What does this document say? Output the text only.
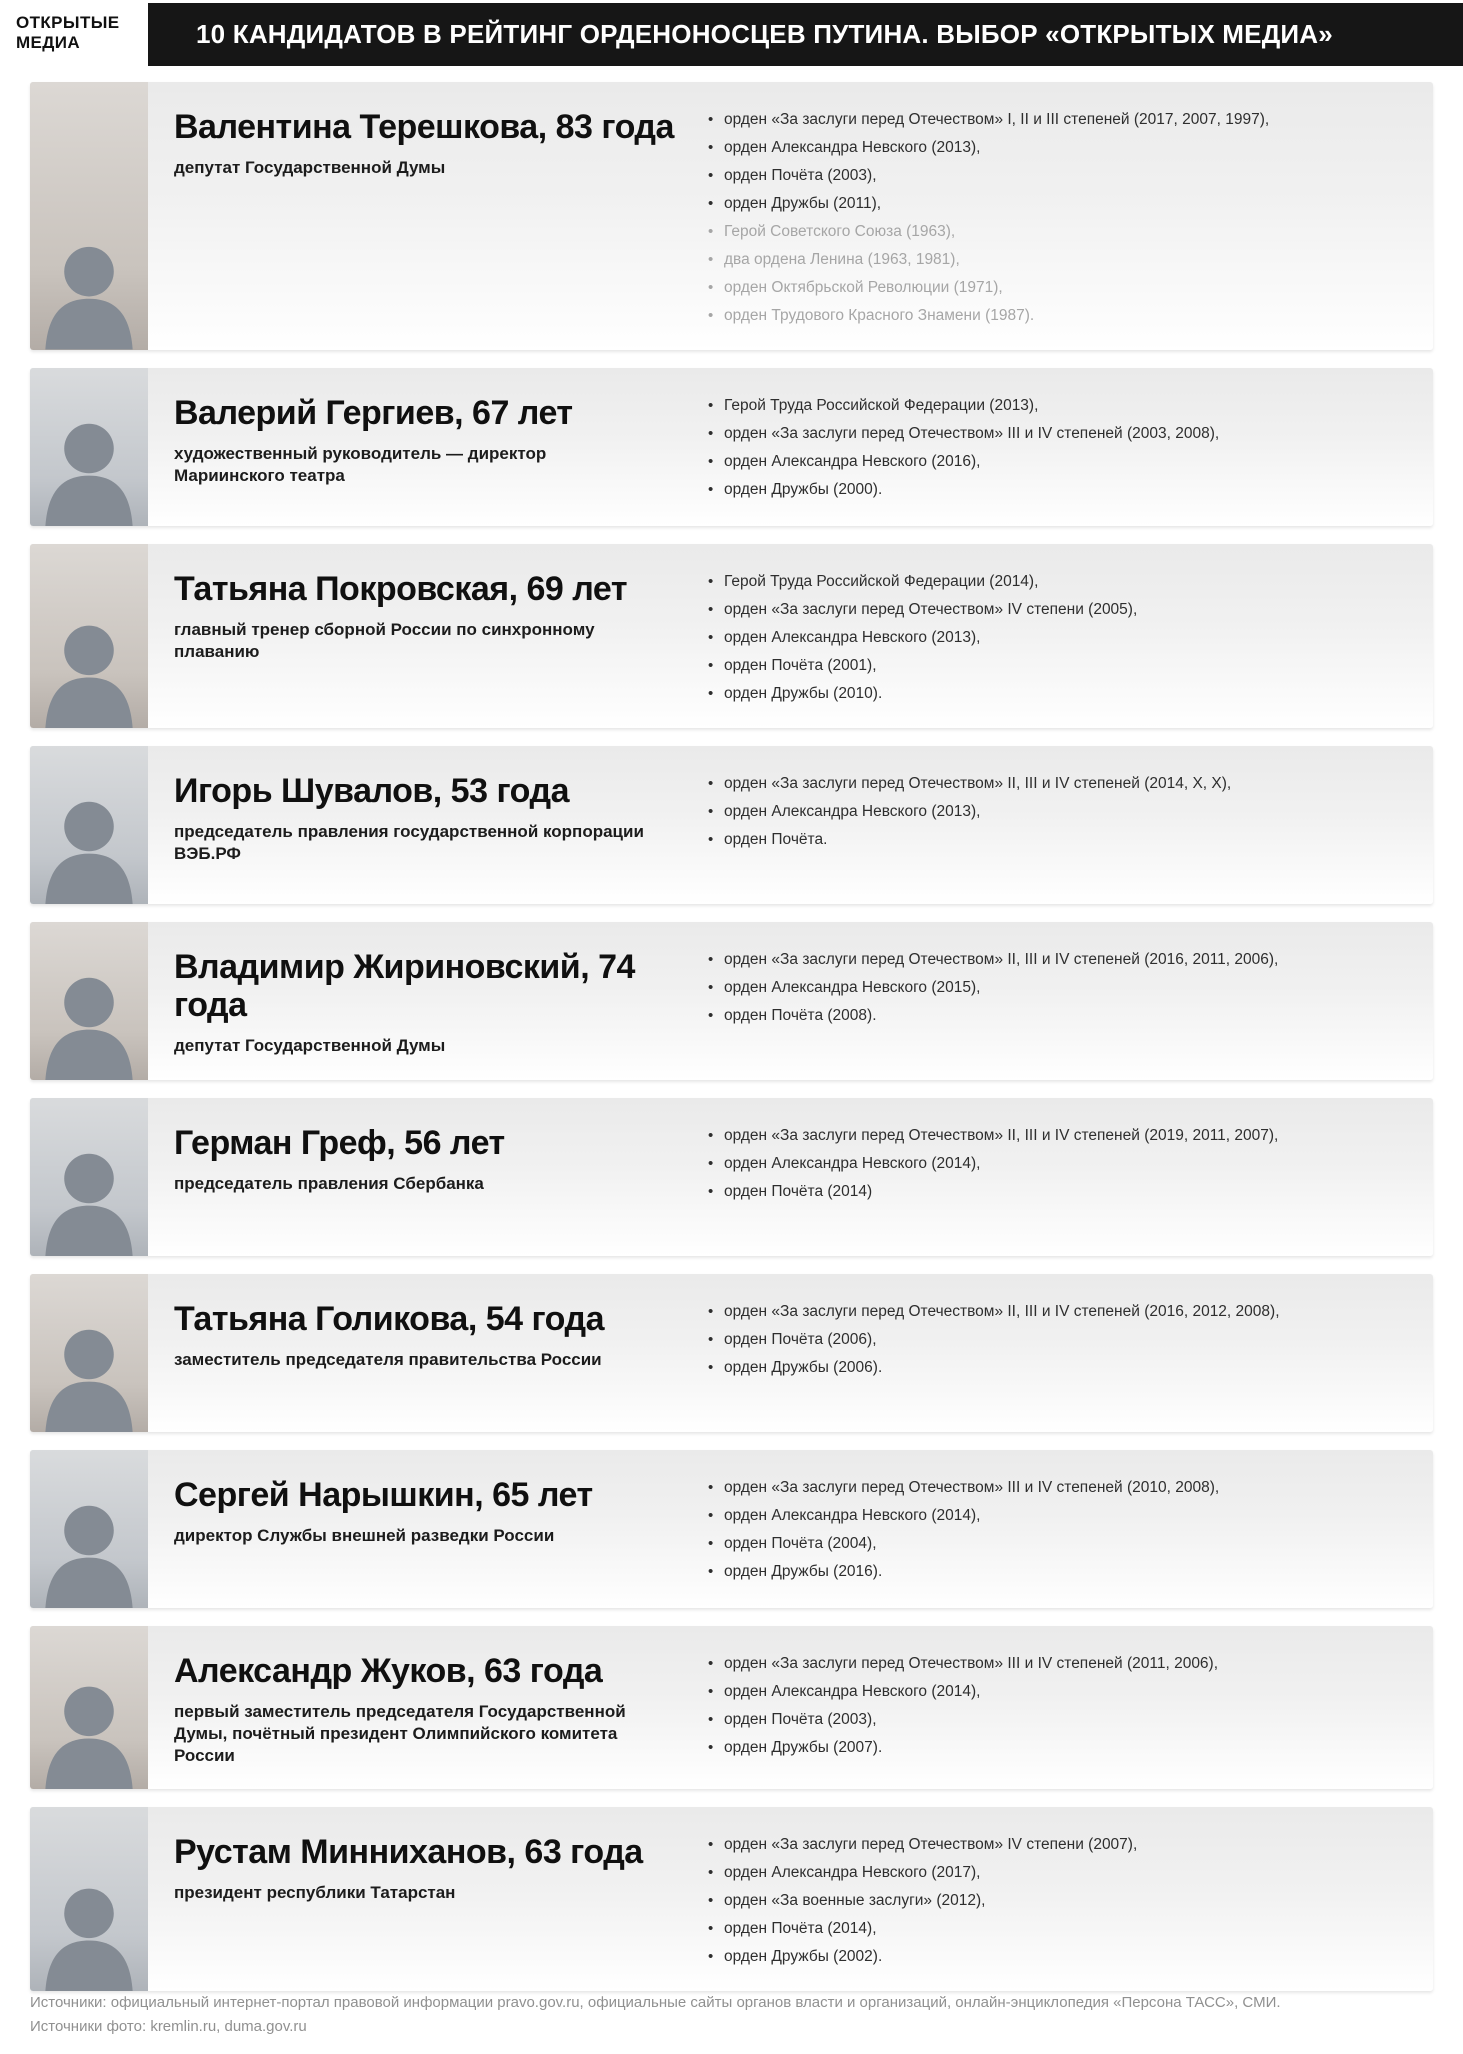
ОТКРЫТЫЕ
МЕДИА	10 КАНДИДАТОВ В РЕЙТИНГ ОРДЕНОНОСЦЕВ ПУТИНА. ВЫБОР «ОТКРЫТЫХ МЕДИА»
Валентина Терешкова, 83 года
депутат Государственной Думы
• орден «За заслуги перед Отечеством» I, II и III степеней (2017, 2007, 1997),
• орден Александра Невского (2013),
• орден Почёта (2003),
• орден Дружбы (2011),
• Герой Советского Союза (1963),
• два ордена Ленина (1963, 1981),
• орден Октябрьской Революции (1971),
• орден Трудового Красного Знамени (1987).
Валерий Гергиев, 67 лет
художественный руководитель — директор Мариинского театра
• Герой Труда Российской Федерации (2013),
• орден «За заслуги перед Отечеством» III и IV степеней (2003, 2008),
• орден Александра Невского (2016),
• орден Дружбы (2000).
Татьяна Покровская, 69 лет
главный тренер сборной России по синхронному плаванию
• Герой Труда Российской Федерации (2014),
• орден «За заслуги перед Отечеством» IV степени (2005),
• орден Александра Невского (2013),
• орден Почёта (2001),
• орден Дружбы (2010).
Игорь Шувалов, 53 года
председатель правления государственной корпорации ВЭБ.РФ
• орден «За заслуги перед Отечеством» II, III и IV степеней (2014, X, X),
• орден Александра Невского (2013),
• орден Почёта.
Владимир Жириновский, 74 года
депутат Государственной Думы
• орден «За заслуги перед Отечеством» II, III и IV степеней (2016, 2011, 2006),
• орден Александра Невского (2015),
• орден Почёта (2008).
Герман Греф, 56 лет
председатель правления Сбербанка
• орден «За заслуги перед Отечеством» II, III и IV степеней (2019, 2011, 2007),
• орден Александра Невского (2014),
• орден Почёта (2014)
Татьяна Голикова, 54 года
заместитель председателя правительства России
• орден «За заслуги перед Отечеством» II, III и IV степеней (2016, 2012, 2008),
• орден Почёта (2006),
• орден Дружбы (2006).
Сергей Нарышкин, 65 лет
директор Службы внешней разведки России
• орден «За заслуги перед Отечеством» III и IV степеней (2010, 2008),
• орден Александра Невского (2014),
• орден Почёта (2004),
• орден Дружбы (2016).
Александр Жуков, 63 года
первый заместитель председателя Государственной Думы, почётный президент Олимпийского комитета России
• орден «За заслуги перед Отечеством» III и IV степеней (2011, 2006),
• орден Александра Невского (2014),
• орден Почёта (2003),
• орден Дружбы (2007).
Рустам Минниханов, 63 года
президент республики Татарстан
• орден «За заслуги перед Отечеством» IV степени (2007),
• орден Александра Невского (2017),
• орден «За военные заслуги» (2012),
• орден Почёта (2014),
• орден Дружбы (2002).
Источники: официальный интернет-портал правовой информации pravo.gov.ru, официальные сайты органов власти и организаций, онлайн-энциклопедия «Персона ТАСС», СМИ.
Источники фото: kremlin.ru, duma.gov.ru
